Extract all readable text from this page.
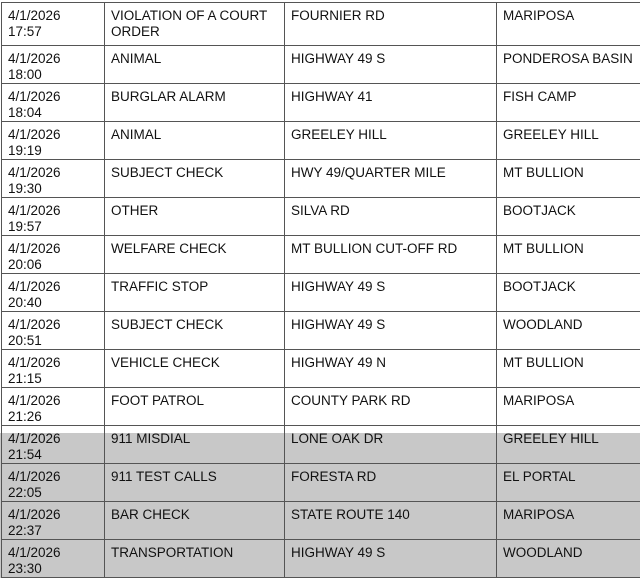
4/1/2026 17:57	VIOLATION OF A COURT ORDER	FOURNIER RD	MARIPOSA
4/1/2026 18:00	ANIMAL	HIGHWAY 49 S	PONDEROSA BASIN
4/1/2026 18:04	BURGLAR ALARM	HIGHWAY 41	FISH CAMP
4/1/2026 19:19	ANIMAL	GREELEY HILL	GREELEY HILL
4/1/2026 19:30	SUBJECT CHECK	HWY 49/QUARTER MILE	MT BULLION
4/1/2026 19:57	OTHER	SILVA RD	BOOTJACK
4/1/2026 20:06	WELFARE CHECK	MT BULLION CUT-OFF RD	MT BULLION
4/1/2026 20:40	TRAFFIC STOP	HIGHWAY 49 S	BOOTJACK
4/1/2026 20:51	SUBJECT CHECK	HIGHWAY 49 S	WOODLAND
4/1/2026 21:15	VEHICLE CHECK	HIGHWAY 49 N	MT BULLION
4/1/2026 21:26	FOOT PATROL	COUNTY PARK RD	MARIPOSA
4/1/2026 21:54	911 MISDIAL	LONE OAK DR	GREELEY HILL
4/1/2026 22:05	911 TEST CALLS	FORESTA RD	EL PORTAL
4/1/2026 22:37	BAR CHECK	STATE ROUTE 140	MARIPOSA
4/1/2026 23:30	TRANSPORTATION	HIGHWAY 49 S	WOODLAND
